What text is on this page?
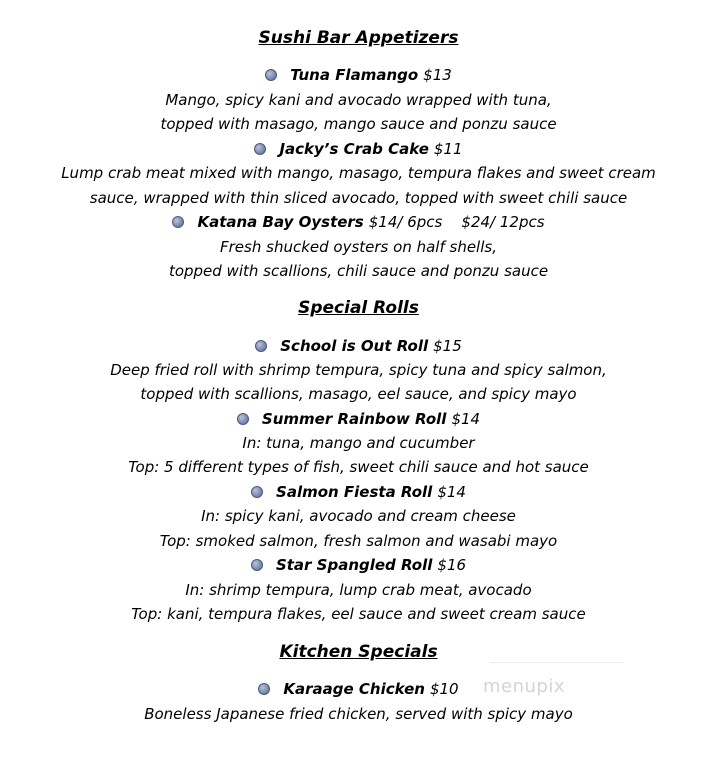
Sushi Bar Appetizers
Tuna Flamango $13
Mango, spicy kani and avocado wrapped with tuna,
topped with masago, mango sauce and ponzu sauce
Jacky’s Crab Cake $11
Lump crab meat mixed with mango, masago, tempura flakes and sweet cream
sauce, wrapped with thin sliced avocado, topped with sweet chili sauce
Katana Bay Oysters $14/ 6pcs    $24/ 12pcs
Fresh shucked oysters on half shells,
topped with scallions, chili sauce and ponzu sauce
Special Rolls
School is Out Roll $15
Deep fried roll with shrimp tempura, spicy tuna and spicy salmon,
topped with scallions, masago, eel sauce, and spicy mayo
Summer Rainbow Roll $14
In: tuna, mango and cucumber
Top: 5 different types of fish, sweet chili sauce and hot sauce
Salmon Fiesta Roll $14
In: spicy kani, avocado and cream cheese
Top: smoked salmon, fresh salmon and wasabi mayo
Star Spangled Roll $16
In: shrimp tempura, lump crab meat, avocado
Top: kani, tempura flakes, eel sauce and sweet cream sauce
Kitchen Specials
Karaage Chicken $10
Boneless Japanese fried chicken, served with spicy mayo
menupix
